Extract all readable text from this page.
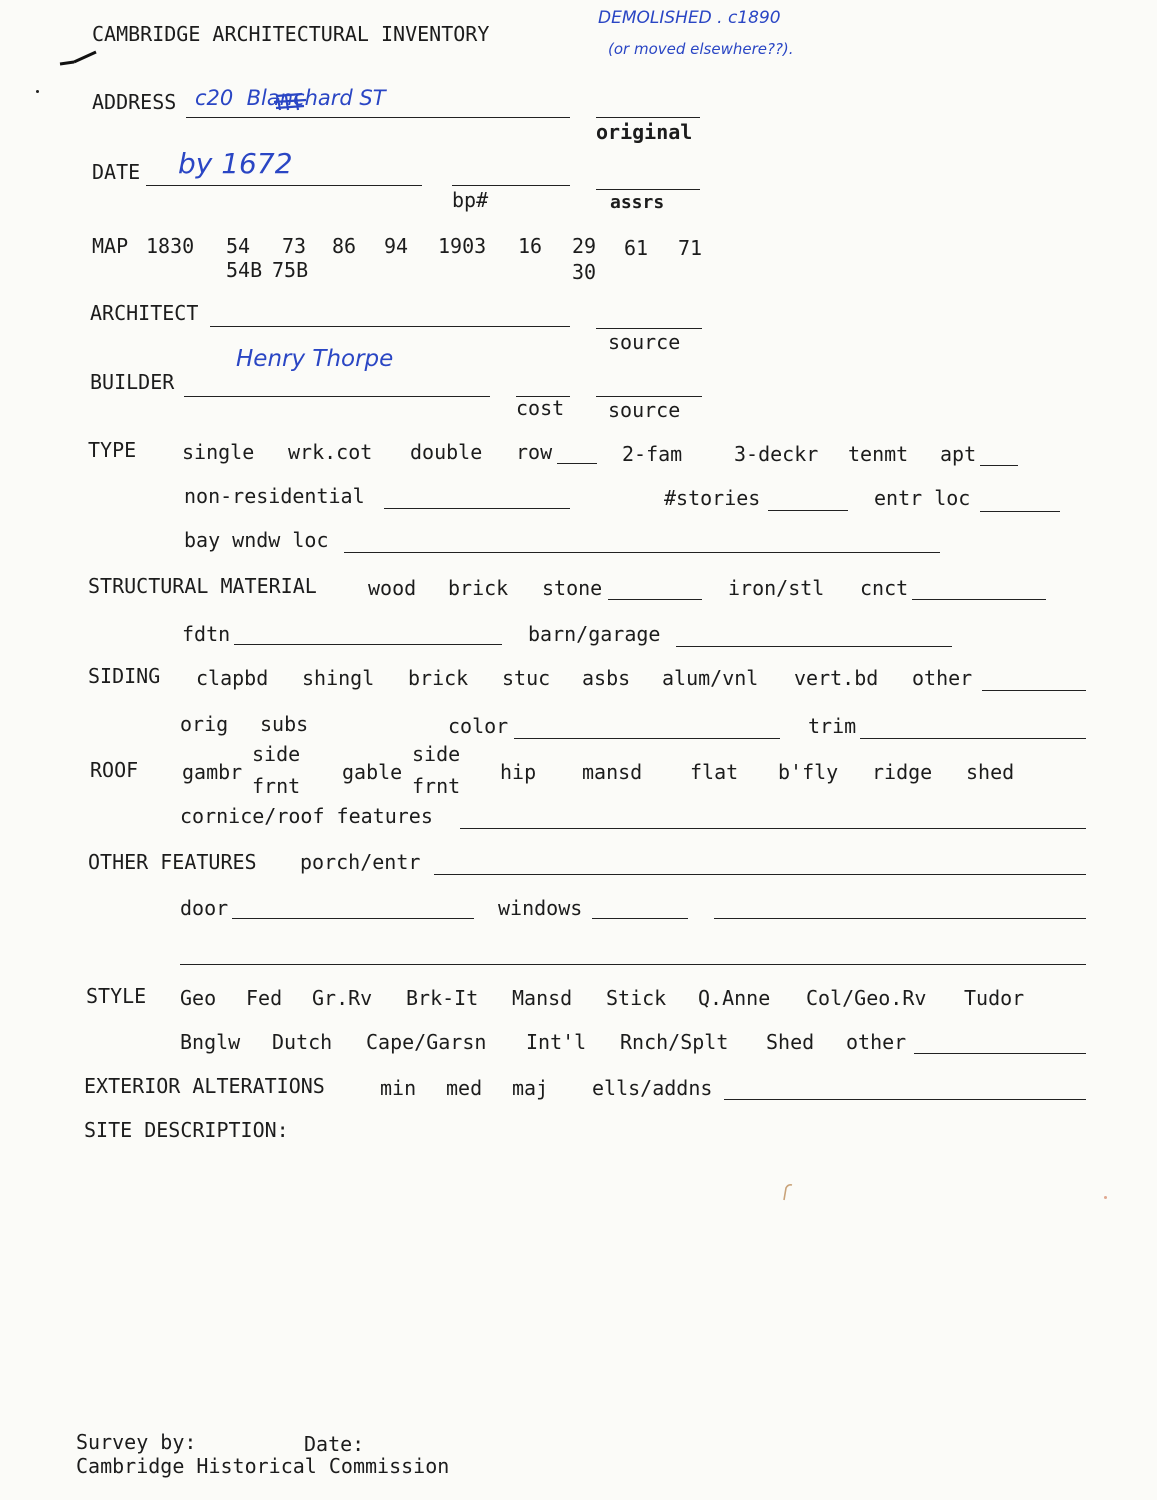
CAMBRIDGE ARCHITECTURAL INVENTORY
DEMOLISHED . c1890
(or moved elsewhere??).
ADDRESS c20  Blanchard ST
original
DATE by 1672
bp#	assrs
MAP 1830 54 73 86 94 1903 16 29 61 71
54B 75B	30
ARCHITECT
source
BUILDER
Henry Thorpe
cost source
TYPE single wrk.cot double row	2-fam	3-deckr tenmt apt
non-residential	#stories	entr loc
bay wndw loc
STRUCTURAL MATERIAL	wood brick stone	iron/stl cnct
fdtn	barn/garage
SIDING clapbd shingl brick stuc asbs alum/vnl vert.bd other
orig subs	color	trim
ROOF gambr
side
frnt
gable
side
frnt
hip mansd flat b'fly ridge shed
cornice/roof features
OTHER FEATURES porch/entr
door	windows
STYLE Geo Fed Gr.Rv Brk-It Mansd Stick Q.Anne Col/Geo.Rv Tudor
Bnglw Dutch Cape/Garsn Int'l Rnch/Splt Shed other
EXTERIOR ALTERATIONS	min med maj ells/addns
SITE DESCRIPTION:
Survey by:	Date:
Cambridge Historical Commission
